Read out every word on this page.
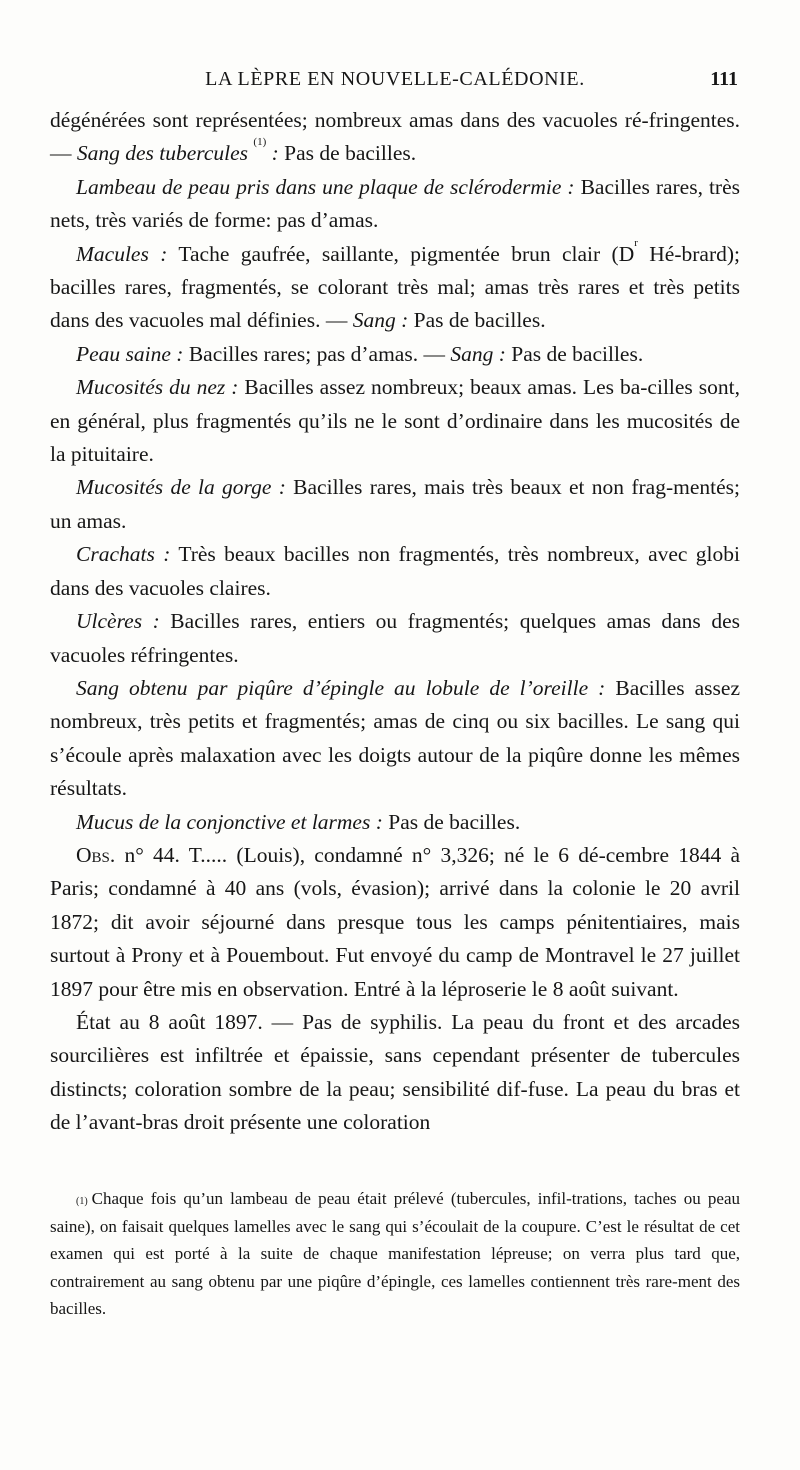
LA LÈPRE EN NOUVELLE-CALÉDONIE.	111

dégénérées sont représentées; nombreux amas dans des vacuoles ré-fringentes. — Sang des tubercules $^{(1)}$ : Pas de bacilles.

Lambeau de peau pris dans une plaque de sclérodermie : Bacilles rares, très nets, très variés de forme: pas d’amas.

Macules : Tache gaufrée, saillante, pigmentée brun clair ($D^r$ Hé-brard); bacilles rares, fragmentés, se colorant très mal; amas très rares et très petits dans des vacuoles mal définies. — Sang : Pas de bacilles.

Peau saine : Bacilles rares; pas d’amas. — Sang : Pas de bacilles.

Mucosités du nez : Bacilles assez nombreux; beaux amas. Les ba-cilles sont, en général, plus fragmentés qu’ils ne le sont d’ordinaire dans les mucosités de la pituitaire.

Mucosités de la gorge : Bacilles rares, mais très beaux et non frag-mentés; un amas.

Crachats : Très beaux bacilles non fragmentés, très nombreux, avec globi dans des vacuoles claires.

Ulcères : Bacilles rares, entiers ou fragmentés; quelques amas dans des vacuoles réfringentes.

Sang obtenu par piqûre d’épingle au lobule de l’oreille : Bacilles assez nombreux, très petits et fragmentés; amas de cinq ou six bacilles. Le sang qui s’écoule après malaxation avec les doigts autour de la piqûre donne les mêmes résultats.

Mucus de la conjonctive et larmes : Pas de bacilles.

Obs. n° 44. T..... (Louis), condamné n° 3,326; né le 6 dé-cembre 1844 à Paris; condamné à 40 ans (vols, évasion); arrivé dans la colonie le 20 avril 1872; dit avoir séjourné dans presque tous les camps pénitentiaires, mais surtout à Prony et à Pouembout. Fut envoyé du camp de Montravel le 27 juillet 1897 pour être mis en observation. Entré à la léproserie le 8 août suivant.

État au 8 août 1897. — Pas de syphilis. La peau du front et des arcades sourcilières est infiltrée et épaissie, sans cependant présenter de tubercules distincts; coloration sombre de la peau; sensibilité dif-fuse. La peau du bras et de l’avant-bras droit présente une coloration

$^{(1)}$ Chaque fois qu’un lambeau de peau était prélevé (tubercules, infil-trations, taches ou peau saine), on faisait quelques lamelles avec le sang qui s’écoulait de la coupure. C’est le résultat de cet examen qui est porté à la suite de chaque manifestation lépreuse; on verra plus tard que, contrairement au sang obtenu par une piqûre d’épingle, ces lamelles contiennent très rare-ment des bacilles.
